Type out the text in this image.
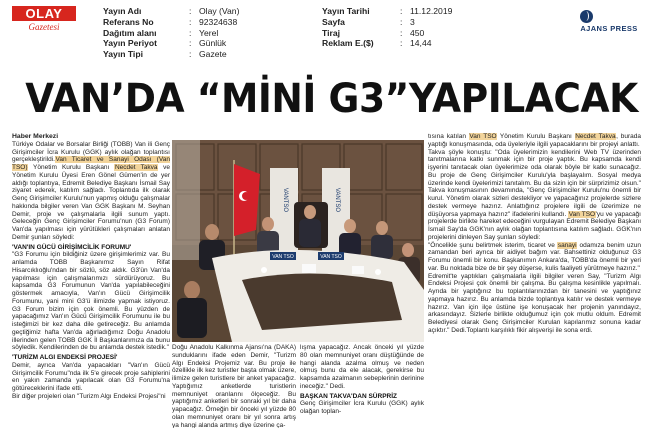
OLAY
Gazetesi
Yayın Adı	: Olay (Van)
Referans No	: 92324638
Dağıtım alanı	: Yerel
Yayın Periyot	: Günlük
Yayın Tipi	: Gazete
Yayın Tarihi	: 11.12.2019
Sayfa	: 3
Tiraj	: 450
Reklam E.($)	: 14,44
AJANS PRESS
VAN’DA “MİNİ G3”YAPILACAK

Haber Merkezi

Türkiye Odalar ve Borsalar Birliği (TOBB) Van ili Genç Girişimciler İcra Kurulu (GGK) aylık olağan toplantısı gerçekleştirildi.Van Ticaret ve Sanayi Odası (Van TSO) Yönetim Kurulu Başkanı Necdet Takva ve Yönetim Kurulu Üyesi Eren Gönel Gümen'in de yer aldığı toplantıya, Edremit Belediye Başkanı İsmail Say ziyaret ederek, katılım sağladı. Toplantıda ilk olarak Genç Girişimciler Kurulu'nun yapmış olduğu çalışmalar hakkında bilgiler veren Van GGK Başkanı M. Seyhan Demir, proje ve çalışmalarla ilgili sunum yaptı. Geleceğin Genç Girişimciler Forumu'nun (G3 Forum) Van'da yapılması için yürütükleri çalışmaları anlatan Demir şunları söyledi:

'VAN'IN GÜCÜ GİRİŞİMCİLİK FORUMU'

"G3 Forumu için bildiğiniz üzere girişimlerimiz var. Bu anlamda TOBB Başkanımız Sayın Rifat Hisarcıklıoğlu'ndan bir sözlü, söz aldık. G3'ün Van'da yapılması için çalışmalarımızı sürdürüyoruz. Bu kapsamda G3 Forumunun Van'da yapılabileceğini göstermek amacıyla, Van'ın Gücü Girişimcilik Forumunu, yani mini G3'ü ilimizde yapmak istiyoruz. G3 Forum bizim için çok önemli. Bu yüzden de yapacağımız Van'ın Gücü Girişimcilik Forumunu ile bu isteğimizi bir kez daha dile getireceğiz. Bu anlamda geçtiğimiz hafta Van'da ağırladığımız Doğu Anadolu illerinden gelen TOBB GGK İl Başkanlarımıza da bunu söyledik. Kendilerinden de bu anlamda destek istedik."

'TURİZM ALGI ENDEKSİ PROJESİ'

Demir, ayrıca Van'da yapacakları "Van'ın Gücü Girişimcilik Forumu"nda ilk 5'e girecek proje sahiplerini en yakın zamanda yapılacak olan G3 Forumu'na götüreceklerini ifade etti.

Bir diğer projeleri olan "Turizm Algı Endeksi Projesi"ni

VANTSO	VANTSO
VAN TSO	VAN TSO

Doğu Anadolu Kalkınma Ajansı'na (DAKA) sunduklarını ifade eden Demir, "Turizm Algı Endeksi Projemiz var. Bu proje ile özellikle ilk kez turistler başta olmak üzere, ilimize gelen turistlere bir anket yapacağız. Yaptığımız anketlerde turistlerin memnuniyet oranlarını ölçeceğiz. Bu yaptığımız anketleri bir sonraki yıl bir daha yapacağız. Örneğin bir önceki yıl yüzde 80 olan memnuniyet oranı bir yıl sonra artış ya hangi alanda artmış diye üzerine ça-

lışma yapacağız. Ancak önceki yıl yüzde 80 olan memnuniyet oranı düştüğünde de hangi alanda azalma olmuş ve neden olmuş bunu da ele alacak, gerekirse bu kapsamda azalmanın sebeplerinin derinine ineceğiz." Dedi.

BAŞKAN TAKVA'DAN SÜRPRİZ

Genç Girişimciler İcra Kurulu (GGK) aylık olağan toplan-

tısına katılan Van TSO Yönetim Kurulu Başkanı Necdet Takva, burada yaptığı konuşmasında, oda üyeleriyle ilgili yapacaklarını bir projeyi anlattı.

Takva şöyle konuştu: "Oda üyelerimizin kendilerini Web TV üzerinden tanıtmalarına katkı sunmak için bir proje yaptık. Bu kapsamda kendi işyerini tanıtacak olan üyelerimize oda olarak böyle bir katkı sunacağız. Bu proje de Genç Girişimciler Kurulu'yla başlayalım. Sosyal medya üzerinde kendi üyelerimizi tanıtalım. Bu da sizin için bir sürprizimiz olsun." Takva konuşmasının devamında, "Genç Girişimciler Kurulu'nu önemli bir kurul. Yönetim olarak sizleri destekliyor ve yapacağınız projelerde sizlere destek vermeye hazırız. Anlattığınız projelere ilgili de üzerimize ne düşüyorsa yapmaya hazırız" ifadelerini kullandı. Van TSO'yu ve yapacağı projelerde birlikte hareket edeceğini vurgulayan Edremit Belediye Başkanı İsmail Say'da GGK'nın aylık olağan toplantısına katılım sağladı. GGK'nın projelerini dinleyen Say şunları söyledi:

"Öncelikle şunu belirtmek isterim, ticaret ve sanayi odamıza benim uzun zamandan beri ayrıca bir aidiyet bağım var. Bahsettiniz olduğunuz G3 Forumu önemli bir konu. Başkanımın Ankara'da, TOBB'da önemli bir yeri var. Bu noktada bize de bir şey düşerse, kulis faaliyeti yürütmeye hazırız."

Edremit'te yaptıkları çalışmalarla ilgili bilgiler veren Say, "Turizm Algı Endeksi Projesi çok önemli bir çalışma. Bu çalışma kesinlikle yapılmalı. Ayrıda bir yaptığınız bu toplantılarınızdan bir tanesini ve yaptığınız yapmaya hazırız. Bu anlamda bizde toplantıya katılır ve destek vermeye hazırız. Van için ilçe üstüne işe konuşacak her projenin yanındayız, arkasındayız. Sizlerle birlikte olduğumuz için çok mutlu oldum. Edremit Belediyesi olarak Genç Girişimciler Kurulan kapılarımız sonuna kadar açıktır." Dedi.Toplantı karşılıklı fikir alışverişi ile sona erdi.
